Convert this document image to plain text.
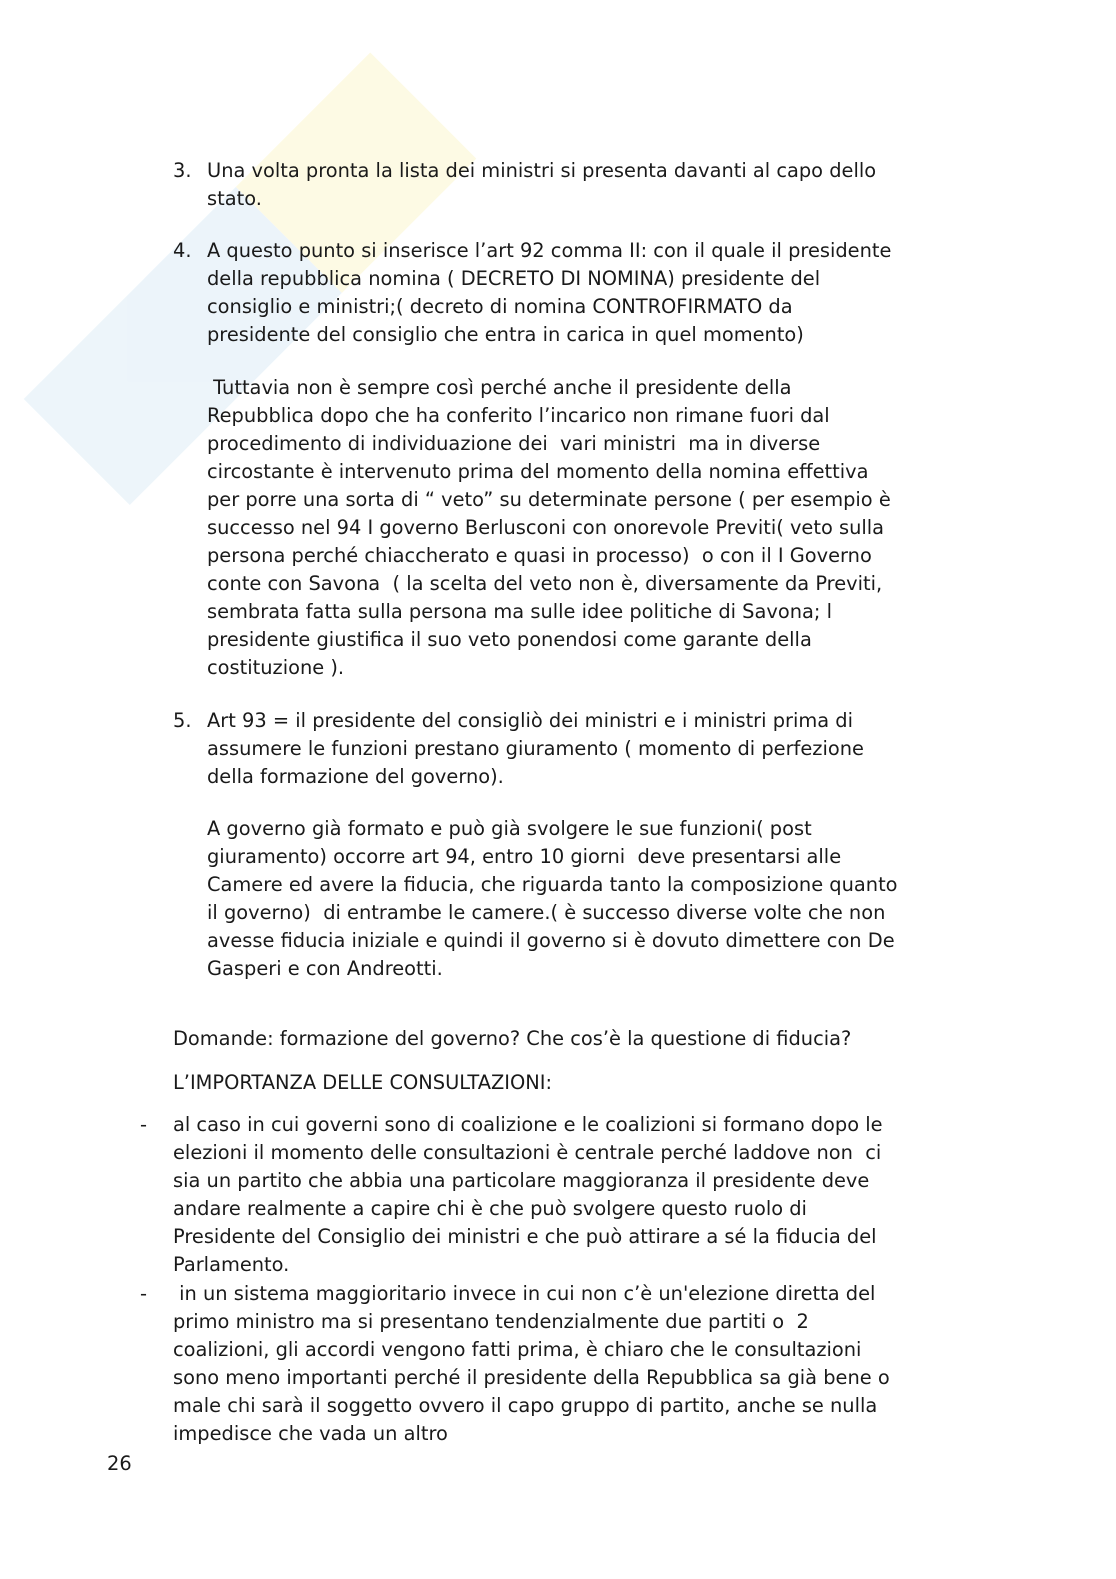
3. Una volta pronta la lista dei ministri si presenta davanti al capo dello
stato.
4. A questo punto si inserisce l’art 92 comma II: con il quale il presidente
della repubblica nomina ( DECRETO DI NOMINA) presidente del
consiglio e ministri;( decreto di nomina CONTROFIRMATO da
presidente del consiglio che entra in carica in quel momento)
Tuttavia non è sempre così perché anche il presidente della
Repubblica dopo che ha conferito l’incarico non rimane fuori dal
procedimento di individuazione dei  vari ministri  ma in diverse
circostante è intervenuto prima del momento della nomina effettiva
per porre una sorta di “ veto” su determinate persone ( per esempio è
successo nel 94 I governo Berlusconi con onorevole Previti( veto sulla
persona perché chiaccherato e quasi in processo)  o con il I Governo
conte con Savona  ( la scelta del veto non è, diversamente da Previti,
sembrata fatta sulla persona ma sulle idee politiche di Savona; l
presidente giustifica il suo veto ponendosi come garante della
costituzione ).
5. Art 93 = il presidente del consigliò dei ministri e i ministri prima di
assumere le funzioni prestano giuramento ( momento di perfezione
della formazione del governo).
A governo già formato e può già svolgere le sue funzioni( post
giuramento) occorre art 94, entro 10 giorni  deve presentarsi alle
Camere ed avere la fiducia, che riguarda tanto la composizione quanto
il governo)  di entrambe le camere.( è successo diverse volte che non
avesse fiducia iniziale e quindi il governo si è dovuto dimettere con De
Gasperi e con Andreotti.
Domande: formazione del governo? Che cos’è la questione di fiducia?
L’IMPORTANZA DELLE CONSULTAZIONI:
- al caso in cui governi sono di coalizione e le coalizioni si formano dopo le
elezioni il momento delle consultazioni è centrale perché laddove non  ci
sia un partito che abbia una particolare maggioranza il presidente deve
andare realmente a capire chi è che può svolgere questo ruolo di
Presidente del Consiglio dei ministri e che può attirare a sé la fiducia del
Parlamento.
- in un sistema maggioritario invece in cui non c’è un'elezione diretta del
primo ministro ma si presentano tendenzialmente due partiti o  2
coalizioni, gli accordi vengono fatti prima, è chiaro che le consultazioni
sono meno importanti perché il presidente della Repubblica sa già bene o
male chi sarà il soggetto ovvero il capo gruppo di partito, anche se nulla
impedisce che vada un altro
26
